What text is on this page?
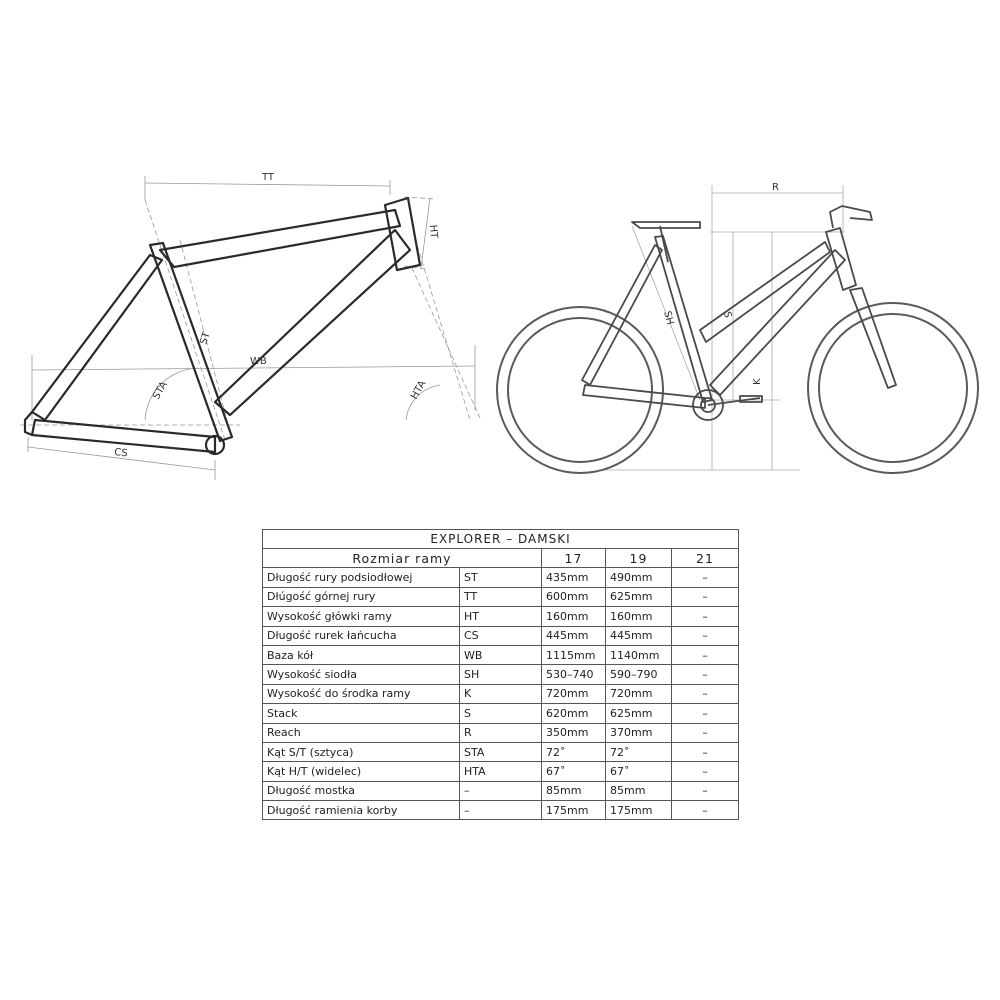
TT
HT
ST
WB
STA	HTA
CS
R
SH	S
K
EXPLORER – DAMSKI				
Rozmiar ramy		17	19	21
Długość rury podsiodłowej	ST	435mm	490mm	–
Dłúgość górnej rury	TT	600mm	625mm	–
Wysokość główki ramy	HT	160mm	160mm	–
Długość rurek łańcucha	CS	445mm	445mm	–
Baza kół	WB	1115mm	1140mm	–
Wysokość siodła	SH	530–740	590–790	–
Wysokość do środka ramy	K	720mm	720mm	–
Stack	S	620mm	625mm	–
Reach	R	350mm	370mm	–
Kąt S/T (sztyca)	STA	72˚	72˚	–
Kąt H/T (widelec)	HTA	67˚	67˚	–
Długość mostka	–	85mm	85mm	–
Długość ramienia korby	–	175mm	175mm	–
